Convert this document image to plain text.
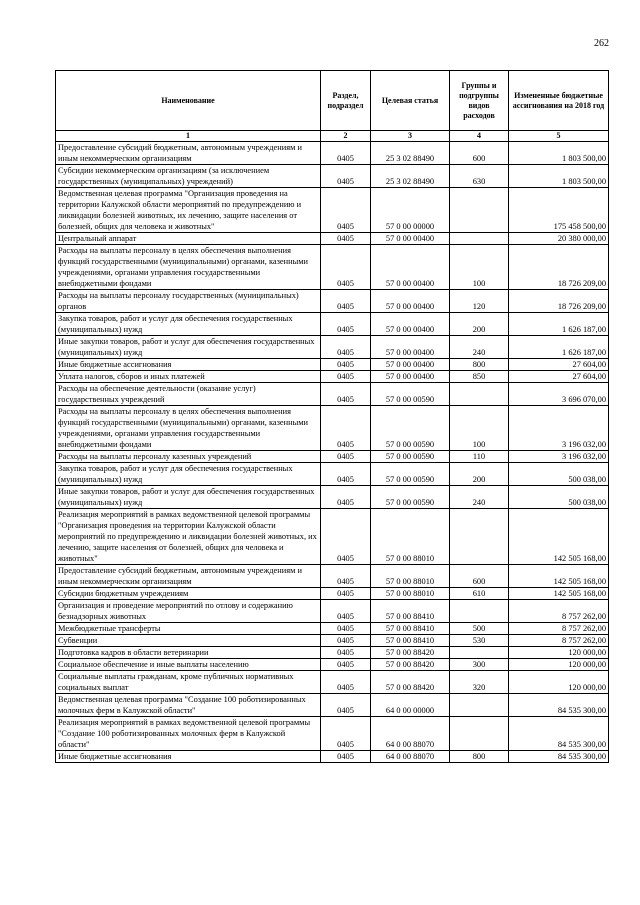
262
Наименование	Раздел, подраздел	Целевая статья	Группы и подгруппы видов расходов	Измененные бюджетные ассигнования на 2018 год
1	2	3	4	5
Предоставление субсидий бюджетным, автономным учреждениям и иным некоммерческим организациям	0405	25 3 02 88490	600	1 803 500,00
Субсидии некоммерческим организациям (за исключением государственных (муниципальных) учреждений)	0405	25 3 02 88490	630	1 803 500,00
Ведомственная целевая программа "Организация проведения на территории Калужской области мероприятий по предупреждению и ликвидации болезней животных, их лечению, защите населения от болезней, общих для человека и животных"	0405	57 0 00 00000		175 458 500,00
Центральный аппарат	0405	57 0 00 00400		20 380 000,00
Расходы на выплаты персоналу в целях обеспечения выполнения функций государственными (муниципальными) органами, казенными учреждениями, органами управления государственными внебюджетными фондами	0405	57 0 00 00400	100	18 726 209,00
Расходы на выплаты персоналу государственных (муниципальных) органов	0405	57 0 00 00400	120	18 726 209,00
Закупка товаров, работ и услуг для обеспечения государственных (муниципальных) нужд	0405	57 0 00 00400	200	1 626 187,00
Иные закупки товаров, работ и услуг для обеспечения государственных (муниципальных) нужд	0405	57 0 00 00400	240	1 626 187,00
Иные бюджетные ассигнования	0405	57 0 00 00400	800	27 604,00
Уплата налогов, сборов и иных платежей	0405	57 0 00 00400	850	27 604,00
Расходы на обеспечение деятельности (оказание услуг) государственных учреждений	0405	57 0 00 00590		3 696 070,00
Расходы на выплаты персоналу в целях обеспечения выполнения функций государственными (муниципальными) органами, казенными учреждениями, органами управления государственными внебюджетными фондами	0405	57 0 00 00590	100	3 196 032,00
Расходы на выплаты персоналу казенных учреждений	0405	57 0 00 00590	110	3 196 032,00
Закупка товаров, работ и услуг для обеспечения государственных (муниципальных) нужд	0405	57 0 00 00590	200	500 038,00
Иные закупки товаров, работ и услуг для обеспечения государственных (муниципальных) нужд	0405	57 0 00 00590	240	500 038,00
Реализация мероприятий в рамках ведомственной целевой программы "Организация проведения на территории Калужской области мероприятий по предупреждению и ликвидации болезней животных, их лечению, защите населения от болезней, общих для человека и животных"	0405	57 0 00 88010		142 505 168,00
Предоставление субсидий бюджетным, автономным учреждениям и иным некоммерческим организациям	0405	57 0 00 88010	600	142 505 168,00
Субсидии бюджетным учреждениям	0405	57 0 00 88010	610	142 505 168,00
Организация и проведение мероприятий по отлову и содержанию безнадзорных животных	0405	57 0 00 88410		8 757 262,00
Межбюджетные трансферты	0405	57 0 00 88410	500	8 757 262,00
Субвенции	0405	57 0 00 88410	530	8 757 262,00
Подготовка кадров в области ветеринарии	0405	57 0 00 88420		120 000,00
Социальное обеспечение и иные выплаты населению	0405	57 0 00 88420	300	120 000,00
Социальные выплаты гражданам, кроме публичных нормативных социальных выплат	0405	57 0 00 88420	320	120 000,00
Ведомственная целевая программа "Создание 100 роботизированных молочных ферм в Калужской области"	0405	64 0 00 00000		84 535 300,00
Реализация мероприятий в рамках ведомственной целевой программы "Создание 100 роботизированных молочных ферм в Калужской области"	0405	64 0 00 88070		84 535 300,00
Иные бюджетные ассигнования	0405	64 0 00 88070	800	84 535 300,00
